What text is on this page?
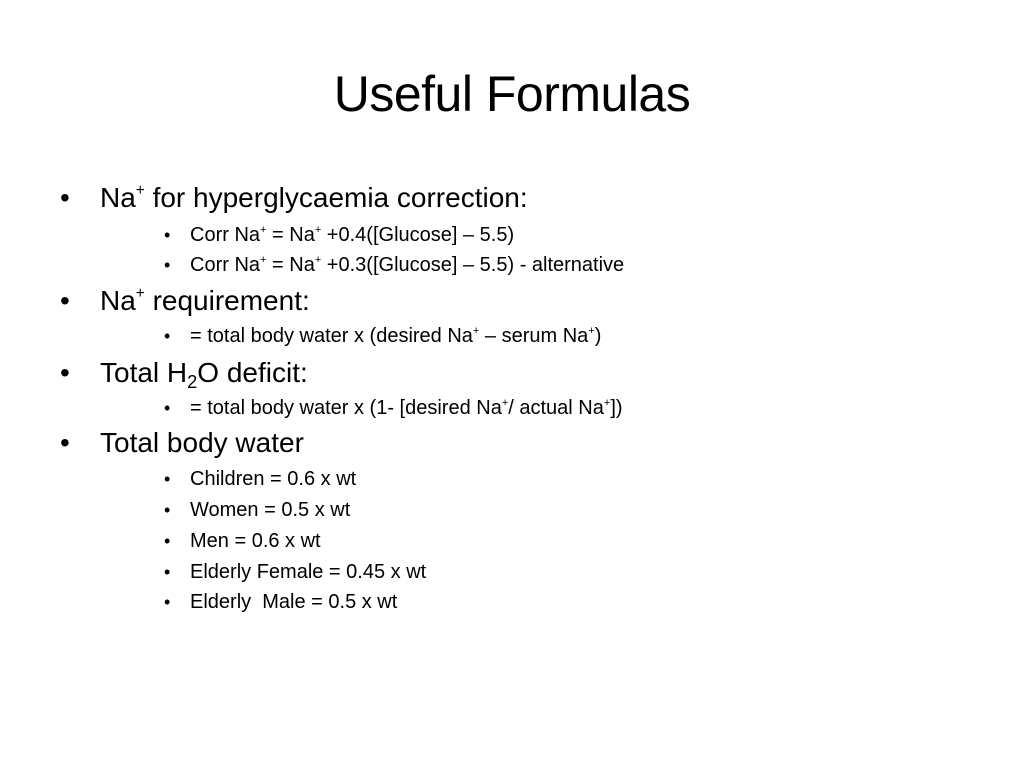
Useful Formulas
• Na+ for hyperglycaemia correction:
• Corr Na+ = Na+ +0.4([Glucose] – 5.5)
• Corr Na+ = Na+ +0.3([Glucose] – 5.5) - alternative
• Na+ requirement:
• = total body water x (desired Na+ – serum Na+)
• Total $H_2O$ deficit:
• = total body water x (1- [desired Na+/ actual Na+])
• Total body water
• Children = 0.6 x wt
• Women = 0.5 x wt
• Men = 0.6 x wt
• Elderly Female = 0.45 x wt
• Elderly  Male = 0.5 x wt
